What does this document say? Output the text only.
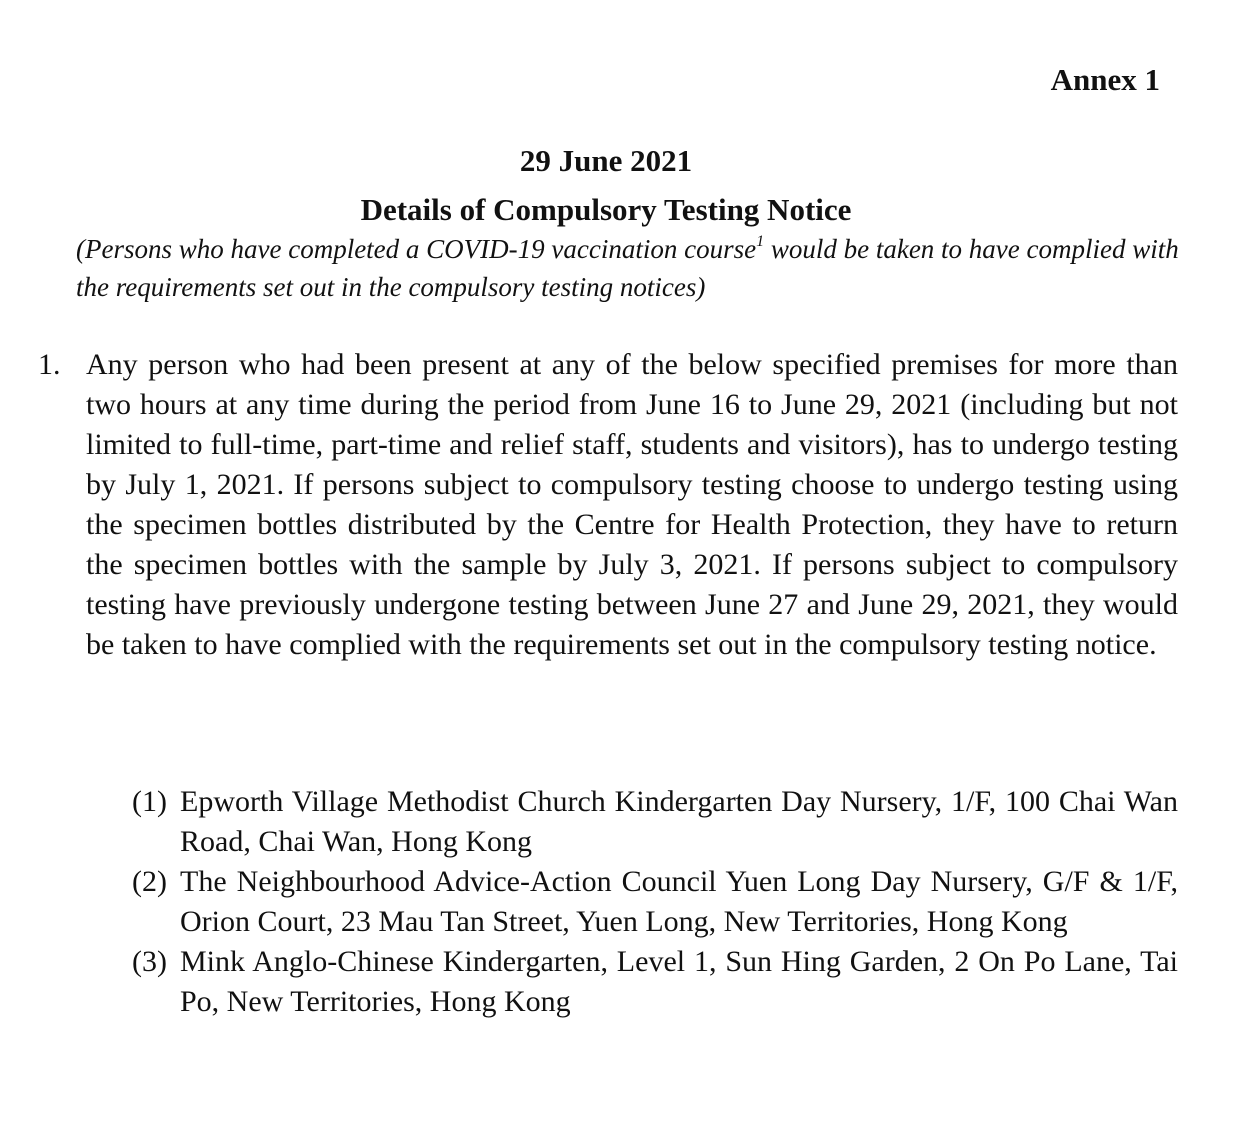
Annex 1

29 June 2021

Details of Compulsory Testing Notice

(Persons who have completed a COVID-19 vaccination course$^1$ would be taken to have complied with the requirements set out in the compulsory testing notices)

1. Any person who had been present at any of the below specified premises for more than two hours at any time during the period from June 16 to June 29, 2021 (including but not limited to full-time, part-time and relief staff, students and visitors), has to undergo testing by July 1, 2021. If persons subject to compulsory testing choose to undergo testing using the specimen bottles distributed by the Centre for Health Protection, they have to return the specimen bottles with the sample by July 3, 2021. If persons subject to compulsory testing have previously undergone testing between June 27 and June 29, 2021, they would be taken to have complied with the requirements set out in the compulsory testing notice.
(1) Epworth Village Methodist Church Kindergarten Day Nursery, 1/F, 100 Chai Wan Road, Chai Wan, Hong Kong
(2) The Neighbourhood Advice-Action Council Yuen Long Day Nursery, G/F & 1/F, Orion Court, 23 Mau Tan Street, Yuen Long, New Territories, Hong Kong
(3) Mink Anglo-Chinese Kindergarten, Level 1, Sun Hing Garden, 2 On Po Lane, Tai Po, New Territories, Hong Kong
